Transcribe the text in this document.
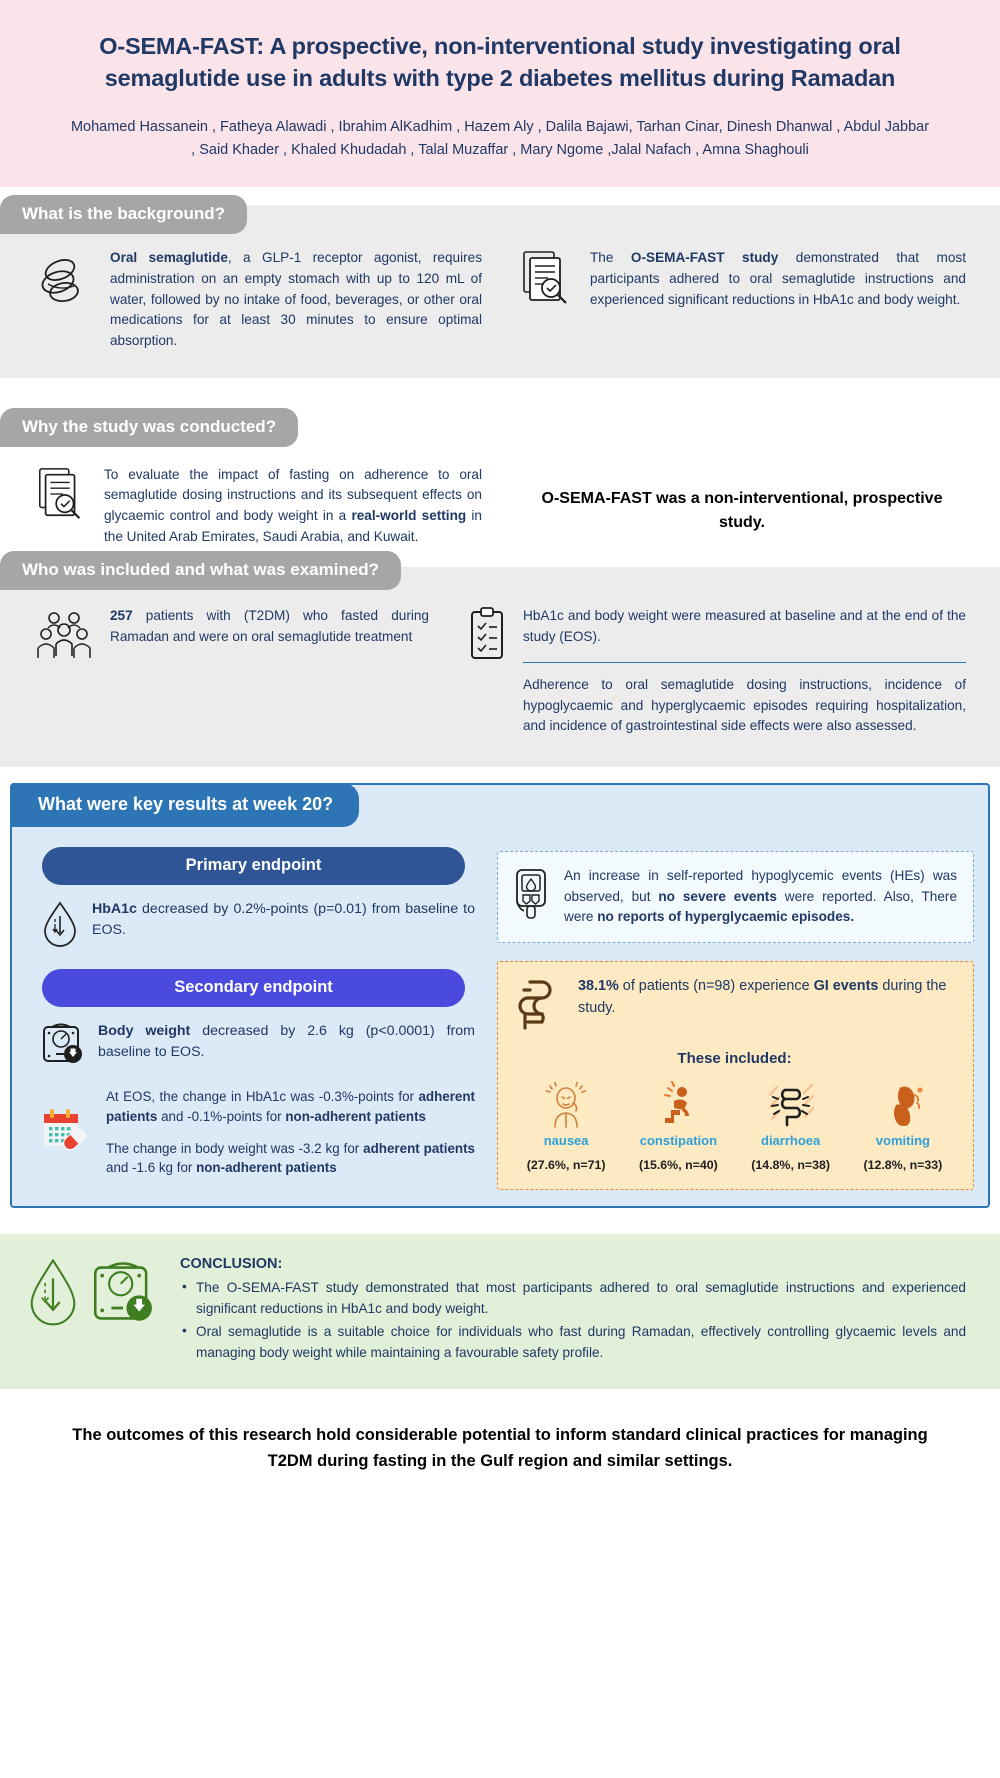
O-SEMA-FAST: A prospective, non-interventional study investigating oral semaglutide use in adults with type 2 diabetes mellitus during Ramadan
Mohamed Hassanein , Fatheya Alawadi , Ibrahim AlKadhim , Hazem Aly , Dalila Bajawi, Tarhan Cinar, Dinesh Dhanwal , Abdul Jabbar , Said Khader , Khaled Khudadah , Talal Muzaffar , Mary Ngome ,Jalal Nafach , Amna Shaghouli
What is the background?
Oral semaglutide, a GLP-1 receptor agonist, requires administration on an empty stomach with up to 120 mL of water, followed by no intake of food, beverages, or other oral medications for at least 30 minutes to ensure optimal absorption.
The O-SEMA-FAST study demonstrated that most participants adhered to oral semaglutide instructions and experienced significant reductions in HbA1c and body weight.
Why the study was conducted?
To evaluate the impact of fasting on adherence to oral semaglutide dosing instructions and its subsequent effects on glycaemic control and body weight in a real-world setting in the United Arab Emirates, Saudi Arabia, and Kuwait.
O-SEMA-FAST was a non-interventional, prospective study.
Who was included and what was examined?
257 patients with (T2DM) who fasted during Ramadan and were on oral semaglutide treatment
HbA1c and body weight were measured at baseline and at the end of the study (EOS).
Adherence to oral semaglutide dosing instructions, incidence of hypoglycaemic and hyperglycaemic episodes requiring hospitalization, and incidence of gastrointestinal side effects were also assessed.
What were key results at week 20?
Primary endpoint
HbA1c decreased by 0.2%-points (p=0.01) from baseline to EOS.
Secondary endpoint
Body weight decreased by 2.6 kg (p<0.0001) from baseline to EOS.
At EOS, the change in HbA1c was -0.3%-points for adherent patients and -0.1%-points for non-adherent patients
The change in body weight was -3.2 kg for adherent patients and -1.6 kg for non-adherent patients
An increase in self-reported hypoglycemic events (HEs) was observed, but no severe events were reported. Also, There were no reports of hyperglycaemic episodes.
38.1% of patients (n=98) experience GI events during the study.
These included:
nausea
(27.6%, n=71)
constipation
(15.6%, n=40)
diarrhoea
(14.8%, n=38)
vomiting
(12.8%, n=33)
CONCLUSION:
• The O-SEMA-FAST study demonstrated that most participants adhered to oral semaglutide instructions and experienced significant reductions in HbA1c and body weight.
• Oral semaglutide is a suitable choice for individuals who fast during Ramadan, effectively controlling glycaemic levels and managing body weight while maintaining a favourable safety profile.
The outcomes of this research hold considerable potential to inform standard clinical practices for managing T2DM during fasting in the Gulf region and similar settings.
